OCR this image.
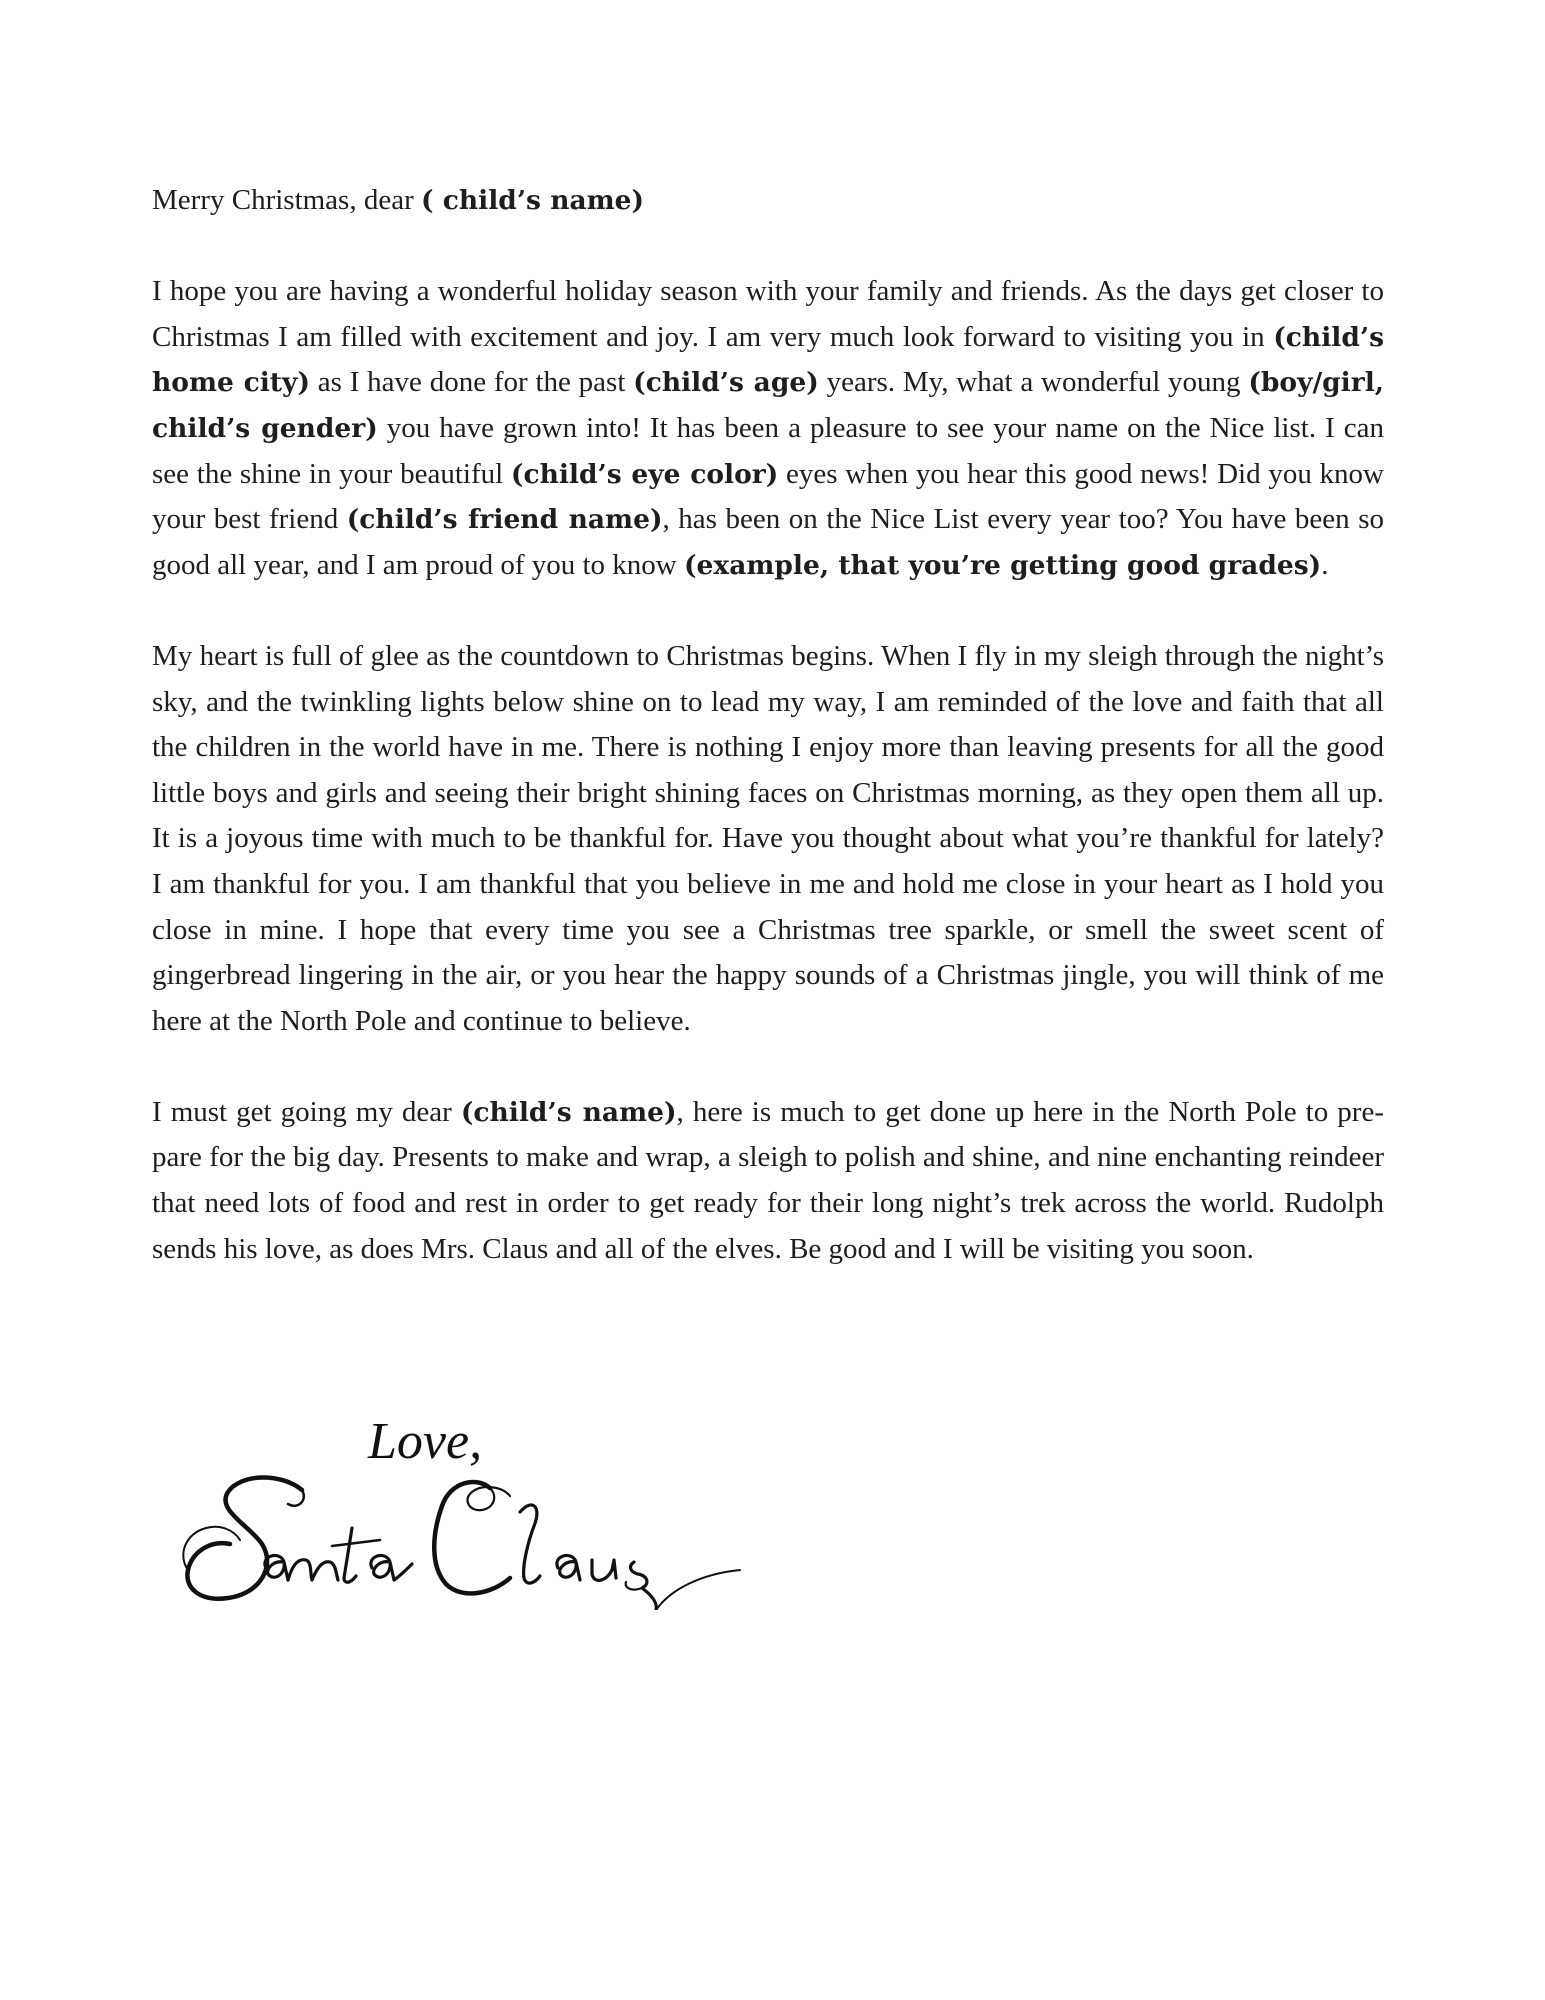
Merry Christmas, dear ( child’s name)

I hope you are having a wonderful holiday season with your family and friends. As the days get closer to Christmas I am filled with excitement and joy. I am very much look forward to visiting you in (child’s home city) as I have done for the past (child’s age) years. My, what a wonderful young (boy/girl, child’s gender) you have grown into! It has been a pleasure to see your name on the Nice list. I can see the shine in your beautiful (child’s eye color) eyes when you hear this good news! Did you know your best friend (child’s friend name), has been on the Nice List every year too? You have been so good all year, and I am proud of you to know (example, that you’re getting good grades).

My heart is full of glee as the countdown to Christmas begins. When I fly in my sleigh through the night’s sky, and the twinkling lights below shine on to lead my way, I am reminded of the love and faith that all the children in the world have in me. There is nothing I enjoy more than leaving presents for all the good little boys and girls and seeing their bright shining faces on Christmas morning, as they open them all up. It is a joyous time with much to be thankful for. Have you thought about what you’re thankful for lately? I am thankful for you. I am thankful that you believe in me and hold me close in your heart as I hold you close in mine. I hope that every time you see a Christmas tree sparkle, or smell the sweet scent of gingerbread lingering in the air, or you hear the happy sounds of a Christmas jingle, you will think of me here at the North Pole and continue to believe.

I must get going my dear (child’s name), here is much to get done up here in the North Pole to prepare for the big day. Presents to make and wrap, a sleigh to polish and shine, and nine enchanting reindeer that need lots of food and rest in order to get ready for their long night’s trek across the world. Rudolph sends his love, as does Mrs. Claus and all of the elves. Be good and I will be visiting you soon.

Love,
